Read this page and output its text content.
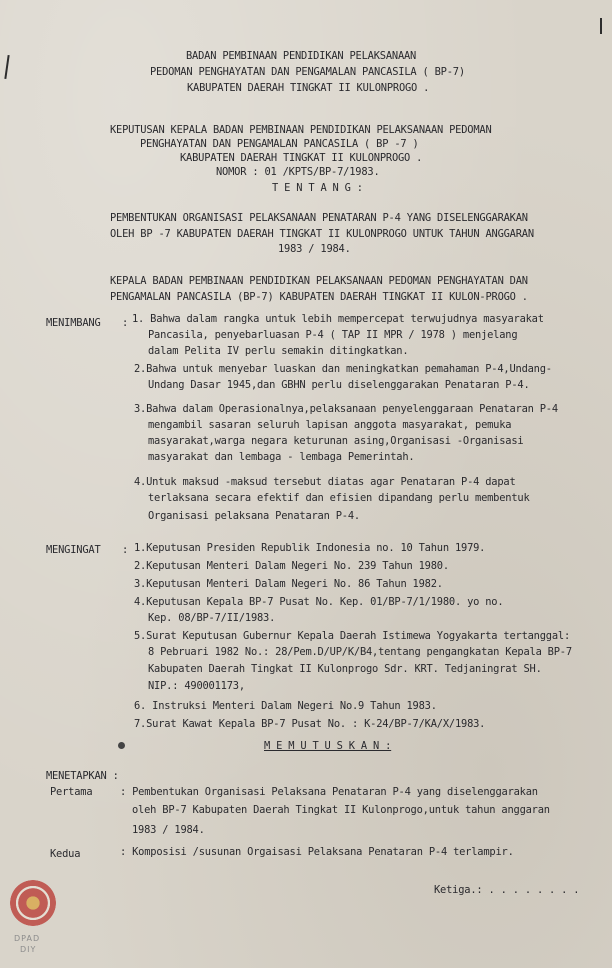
BADAN PEMBINAAN PENDIDIKAN PELAKSANAAN
PEDOMAN PENGHAYATAN DAN PENGAMALAN PANCASILA ( BP-7)
KABUPATEN DAERAH TINGKAT II KULONPROGO .
KEPUTUSAN KEPALA BADAN PEMBINAAN PENDIDIKAN PELAKSANAAN PEDOMAN
PENGHAYATAN DAN PENGAMALAN PANCASILA ( BP -7 )
KABUPATEN DAERAH TINGKAT II KULONPROGO .
NOMOR : 01 /KPTS/BP-7/1983.
T E N T A N G :
PEMBENTUKAN ORGANISASI PELAKSANAAN PENATARAN P-4 YANG DISELENGGARAKAN
OLEH BP -7 KABUPATEN DAERAH TINGKAT II KULONPROGO UNTUK TAHUN ANGGARAN
1983 / 1984.
KEPALA BADAN PEMBINAAN PENDIDIKAN PELAKSANAAN PEDOMAN PENGHAYATAN DAN
PENGAMALAN PANCASILA (BP-7) KABUPATEN DAERAH TINGKAT II KULON-PROGO .
MENIMBANG : 1. Bahwa dalam rangka untuk lebih mempercepat terwujudnya masyarakat
Pancasila, penyebarluasan P-4 ( TAP II MPR / 1978 ) menjelang
dalam Pelita IV perlu semakin ditingkatkan.
2.Bahwa untuk menyebar luaskan dan meningkatkan pemahaman P-4,Undang-
Undang Dasar 1945,dan GBHN perlu diselenggarakan Penataran P-4.
3.Bahwa dalam Operasionalnya,pelaksanaan penyelenggaraan Penataran P-4
mengambil sasaran seluruh lapisan anggota masyarakat, pemuka
masyarakat,warga negara keturunan asing,Organisasi -Organisasi
masyarakat dan lembaga - lembaga Pemerintah.
4.Untuk maksud -maksud tersebut diatas agar Penataran P-4 dapat
terlaksana secara efektif dan efisien dipandang perlu membentuk
Organisasi pelaksana Penataran P-4.
MENGINGAT : 1.Keputusan Presiden Republik Indonesia no. 10 Tahun 1979.
2.Keputusan Menteri Dalam Negeri No. 239 Tahun 1980.
3.Keputusan Menteri Dalam Negeri No. 86 Tahun 1982.
4.Keputusan Kepala BP-7 Pusat No. Kep. 01/BP-7/1/1980. yo no.
Kep. 08/BP-7/II/1983.
5.Surat Keputusan Gubernur Kepala Daerah Istimewa Yogyakarta tertanggal:
8 Pebruari 1982 No.: 28/Pem.D/UP/K/B4,tentang pengangkatan Kepala BP-7
Kabupaten Daerah Tingkat II Kulonprogo Sdr. KRT. Tedjaningrat SH.
NIP.: 490001173,
6. Instruksi Menteri Dalam Negeri No.9 Tahun 1983.
7.Surat Kawat Kepala BP-7 Pusat No. : K-24/BP-7/KA/X/1983.
M E M U T U S K A N :
MENETAPKAN :
Pertama	: Pembentukan Organisasi Pelaksana Penataran P-4 yang diselenggarakan
oleh BP-7 Kabupaten Daerah Tingkat II Kulonprogo,untuk tahun anggaran
1983 / 1984.
Kedua	: Komposisi /susunan Orgaisasi Pelaksana Penataran P-4 terlampir.
Ketiga.: . . . . . . . .
DPAD
DIY
